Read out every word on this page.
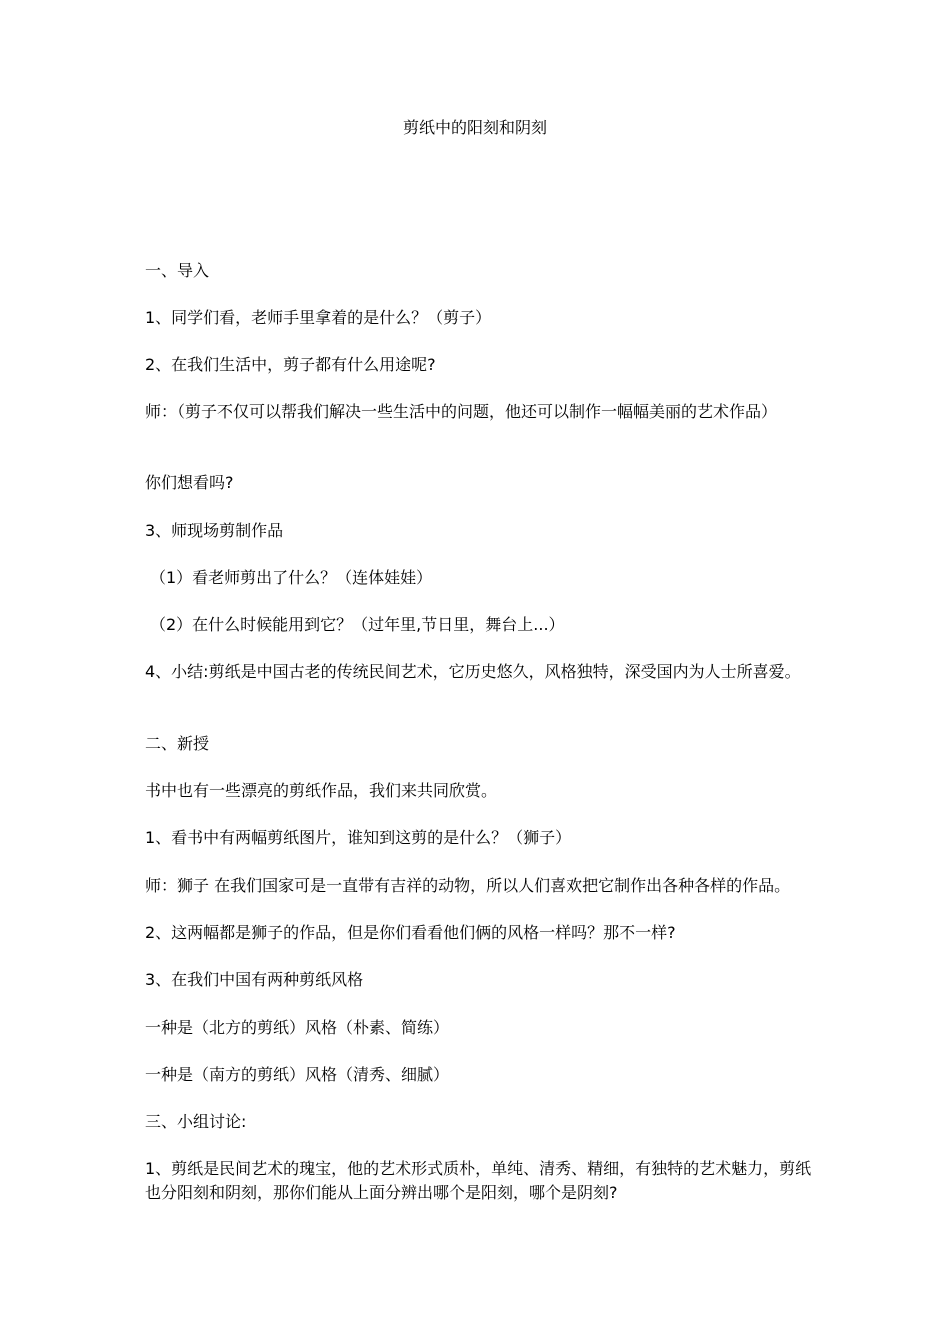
剪纸中的阳刻和阴刻

一、导入

1、同学们看，老师手里拿着的是什么？（剪子）

2、在我们生活中，剪子都有什么用途呢?

师：（剪子不仅可以帮我们解决一些生活中的问题，他还可以制作一幅幅美丽的艺术作品）

你们想看吗?

3、师现场剪制作品

（1）看老师剪出了什么？（连体娃娃）

（2）在什么时候能用到它？（过年里,节日里，舞台上...）

4、小结:剪纸是中国古老的传统民间艺术，它历史悠久，风格独特，深受国内为人士所喜爱。

二、新授

书中也有一些漂亮的剪纸作品，我们来共同欣赏。

1、看书中有两幅剪纸图片，谁知到这剪的是什么？（狮子）

师：狮子 在我们国家可是一直带有吉祥的动物，所以人们喜欢把它制作出各种各样的作品。

2、这两幅都是狮子的作品，但是你们看看他们俩的风格一样吗？那不一样?

3、在我们中国有两种剪纸风格

一种是（北方的剪纸）风格（朴素、简练）

一种是（南方的剪纸）风格（清秀、细腻）

三、小组讨论:

1、剪纸是民间艺术的瑰宝，他的艺术形式质朴，单纯、清秀、精细，有独特的艺术魅力，剪纸也分阳刻和阴刻，那你们能从上面分辨出哪个是阳刻，哪个是阴刻?
